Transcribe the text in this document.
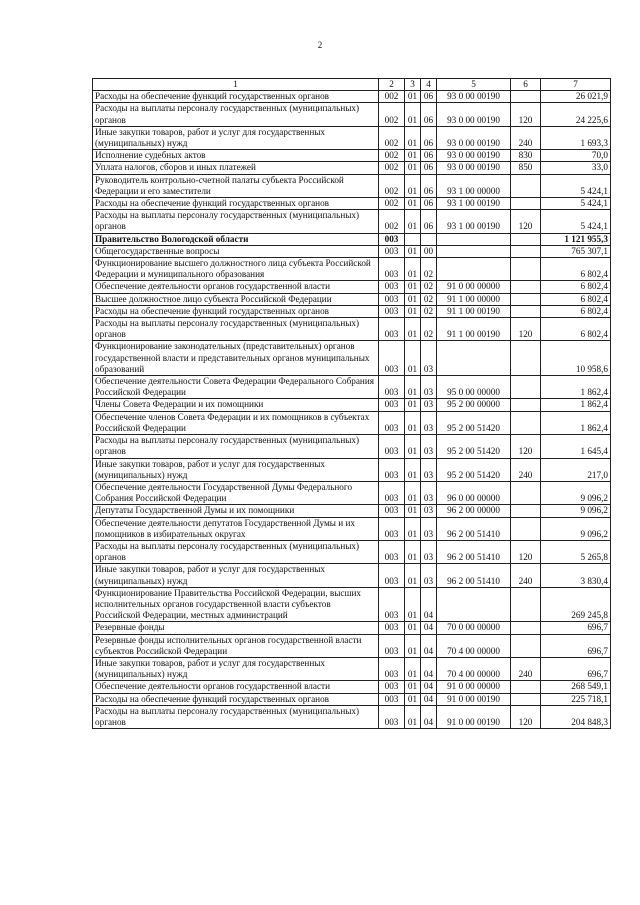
2
1	2	3	4	5	6	7
Расходы на обеспечение функций государственных органов	002	01	06	93 0 00 00190		26 021,9
Расходы на выплаты персоналу государственных (муниципальных) органов	002	01	06	93 0 00 00190	120	24 225,6
Иные закупки товаров, работ и услуг для государственных (муниципальных) нужд	002	01	06	93 0 00 00190	240	1 693,3
Исполнение судебных актов	002	01	06	93 0 00 00190	830	70,0
Уплата налогов, сборов и иных платежей	002	01	06	93 0 00 00190	850	33,0
Руководитель контрольно-счетной палаты субъекта Российской Федерации и его заместители	002	01	06	93 1 00 00000		5 424,1
Расходы на обеспечение функций государственных органов	002	01	06	93 1 00 00190		5 424,1
Расходы на выплаты персоналу государственных (муниципальных) органов	002	01	06	93 1 00 00190	120	5 424,1
Правительство Вологодской области	003					1 121 955,3
Общегосударственные вопросы	003	01	00			765 307,1
Функционирование высшего должностного лица субъекта Российской Федерации и муниципального образования	003	01	02			6 802,4
Обеспечение деятельности органов государственной власти	003	01	02	91 0 00 00000		6 802,4
Высшее должностное лицо субъекта Российской Федерации	003	01	02	91 1 00 00000		6 802,4
Расходы на обеспечение функций государственных органов	003	01	02	91 1 00 00190		6 802,4
Расходы на выплаты персоналу государственных (муниципальных) органов	003	01	02	91 1 00 00190	120	6 802,4
Функционирование законодательных (представительных) органов государственной власти и представительных органов муниципальных образований	003	01	03			10 958,6
Обеспечение деятельности Совета Федерации Федерального Собрания Российской Федерации	003	01	03	95 0 00 00000		1 862,4
Члены Совета Федерации и их помощники	003	01	03	95 2 00 00000		1 862,4
Обеспечение членов Совета Федерации и их помощников в субъектах Российской Федерации	003	01	03	95 2 00 51420		1 862,4
Расходы на выплаты персоналу государственных (муниципальных) органов	003	01	03	95 2 00 51420	120	1 645,4
Иные закупки товаров, работ и услуг для государственных (муниципальных) нужд	003	01	03	95 2 00 51420	240	217,0
Обеспечение деятельности Государственной Думы Федерального Собрания Российской Федерации	003	01	03	96 0 00 00000		9 096,2
Депутаты Государственной Думы и их помощники	003	01	03	96 2 00 00000		9 096,2
Обеспечение деятельности депутатов Государственной Думы и их помощников в избирательных округах	003	01	03	96 2 00 51410		9 096,2
Расходы на выплаты персоналу государственных (муниципальных) органов	003	01	03	96 2 00 51410	120	5 265,8
Иные закупки товаров, работ и услуг для государственных (муниципальных) нужд	003	01	03	96 2 00 51410	240	3 830,4
Функционирование Правительства Российской Федерации, высших исполнительных органов государственной власти субъектов Российской Федерации, местных администраций	003	01	04			269 245,8
Резервные фонды	003	01	04	70 0 00 00000		696,7
Резервные фонды исполнительных органов государственной власти субъектов Российской Федерации	003	01	04	70 4 00 00000		696,7
Иные закупки товаров, работ и услуг для государственных (муниципальных) нужд	003	01	04	70 4 00 00000	240	696,7
Обеспечение деятельности органов государственной власти	003	01	04	91 0 00 00000		268 549,1
Расходы на обеспечение функций государственных органов	003	01	04	91 0 00 00190		225 718,1
Расходы на выплаты персоналу государственных (муниципальных) органов	003	01	04	91 0 00 00190	120	204 848,3
